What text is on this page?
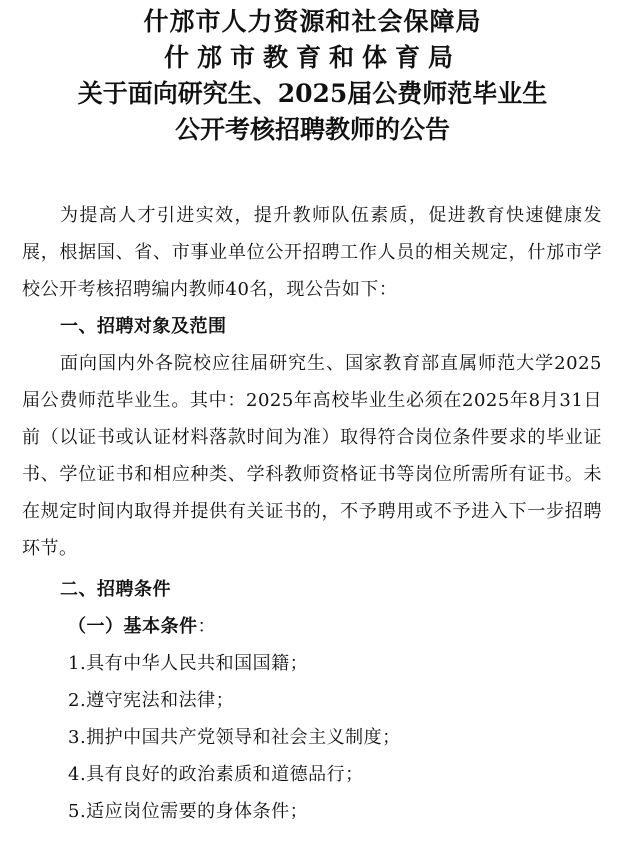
什邡市人力资源和社会保障局
什邡市教育和体育局
关于面向研究生、2025届公费师范毕业生
公开考核招聘教师的公告

为提高人才引进实效，提升教师队伍素质，促进教育快速健康发展，根据国、省、市事业单位公开招聘工作人员的相关规定，什邡市学校公开考核招聘编内教师40名，现公告如下：

一、招聘对象及范围

面向国内外各院校应往届研究生、国家教育部直属师范大学2025届公费师范毕业生。其中：2025年高校毕业生必须在2025年8月31日前（以证书或认证材料落款时间为准）取得符合岗位条件要求的毕业证书、学位证书和相应种类、学科教师资格证书等岗位所需所有证书。未在规定时间内取得并提供有关证书的，不予聘用或不予进入下一步招聘环节。

二、招聘条件

（一）基本条件：

1.具有中华人民共和国国籍；

2.遵守宪法和法律；

3.拥护中国共产党领导和社会主义制度；

4.具有良好的政治素质和道德品行；

5.适应岗位需要的身体条件；
